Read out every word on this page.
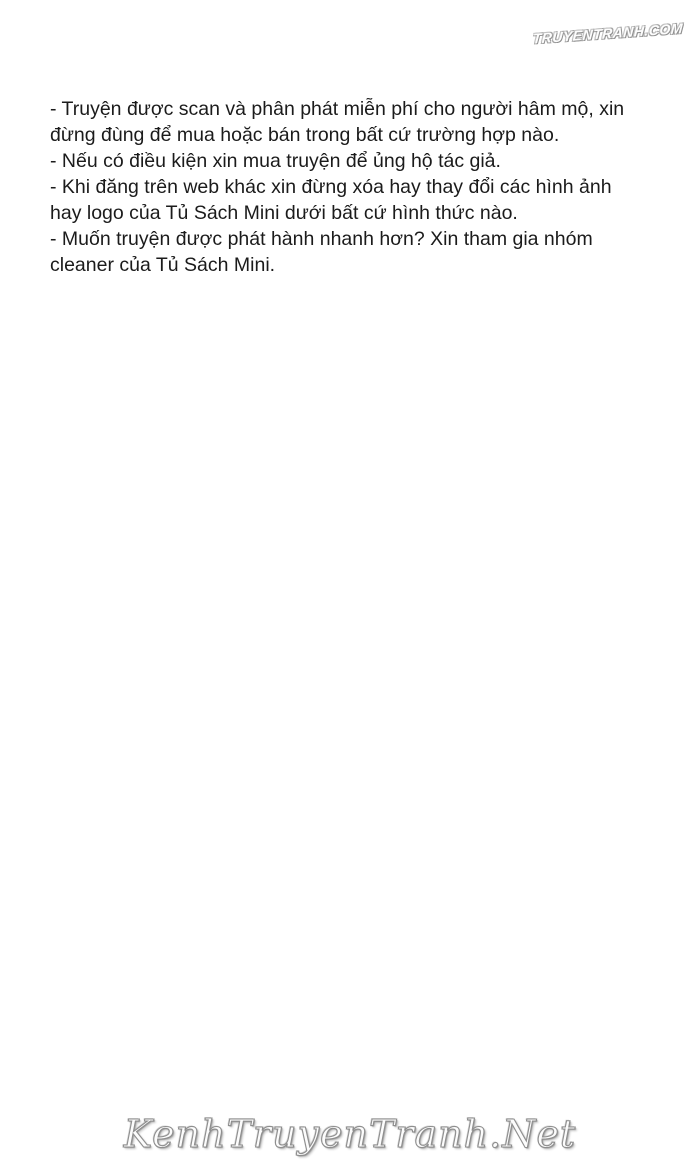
TRUYENTRANH.COM
- Truyện được scan và phân phát miễn phí cho người hâm mộ, xin
đừng đùng để mua hoặc bán trong bất cứ trường hợp nào.
- Nếu có điều kiện xin mua truyện để ủng hộ tác giả.
- Khi đăng trên web khác xin đừng xóa hay thay đổi các hình ảnh
hay logo của Tủ Sách Mini dưới bất cứ hình thức nào.
- Muốn truyện được phát hành nhanh hơn? Xin tham gia nhóm
cleaner của Tủ Sách Mini.
KenhTruyenTranh.Net
